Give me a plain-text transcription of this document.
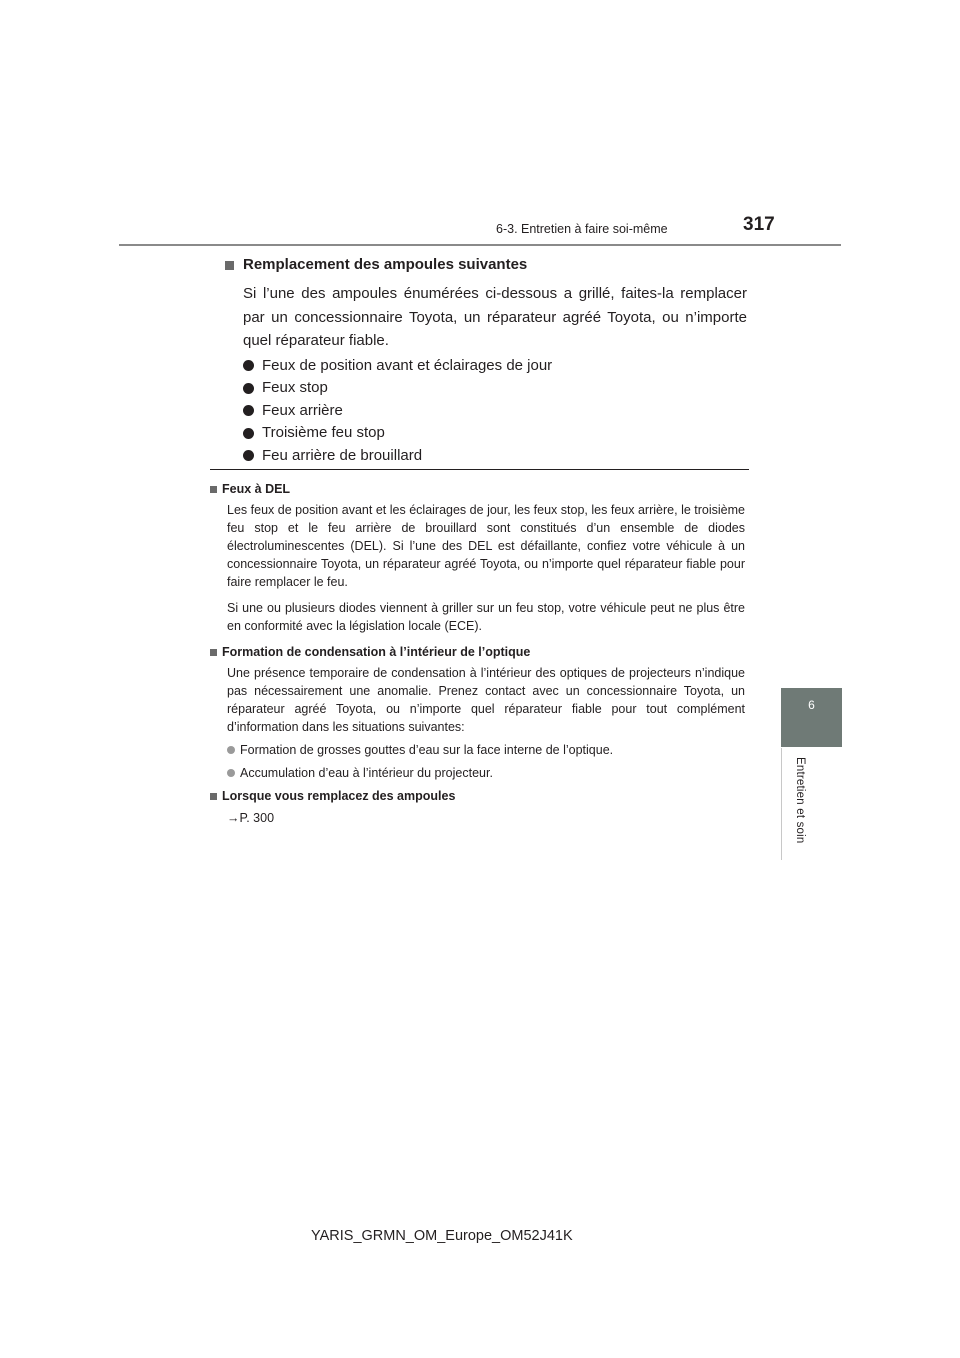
6-3. Entretien à faire soi-même	317
6
Entretien et soin
Remplacement des ampoules suivantes

Si l’une des ampoules énumérées ci-dessous a grillé, faites-la remplacer par un concessionnaire Toyota, un réparateur agréé Toyota, ou n’importe quel réparateur fiable.

Feux de position avant et éclairages de jour
Feux stop
Feux arrière
Troisième feu stop
Feu arrière de brouillard
Feux à DEL

Les feux de position avant et les éclairages de jour, les feux stop, les feux arrière, le troisième feu stop et le feu arrière de brouillard sont constitués d’un ensemble de diodes électroluminescentes (DEL). Si l’une des DEL est défaillante, confiez votre véhicule à un concessionnaire Toyota, un réparateur agréé Toyota, ou n’importe quel réparateur fiable pour faire remplacer le feu.

Si une ou plusieurs diodes viennent à griller sur un feu stop, votre véhicule peut ne plus être en conformité avec la législation locale (ECE).

Formation de condensation à l’intérieur de l’optique

Une présence temporaire de condensation à l’intérieur des optiques de projecteurs n’indique pas nécessairement une anomalie. Prenez contact avec un concessionnaire Toyota, un réparateur agréé Toyota, ou n’importe quel réparateur fiable pour tout complément d’information dans les situations suivantes:

Formation de grosses gouttes d’eau sur la face interne de l’optique.
Accumulation d’eau à l’intérieur du projecteur.
Lorsque vous remplacez des ampoules
→P. 300
YARIS_GRMN_OM_Europe_OM52J41K
